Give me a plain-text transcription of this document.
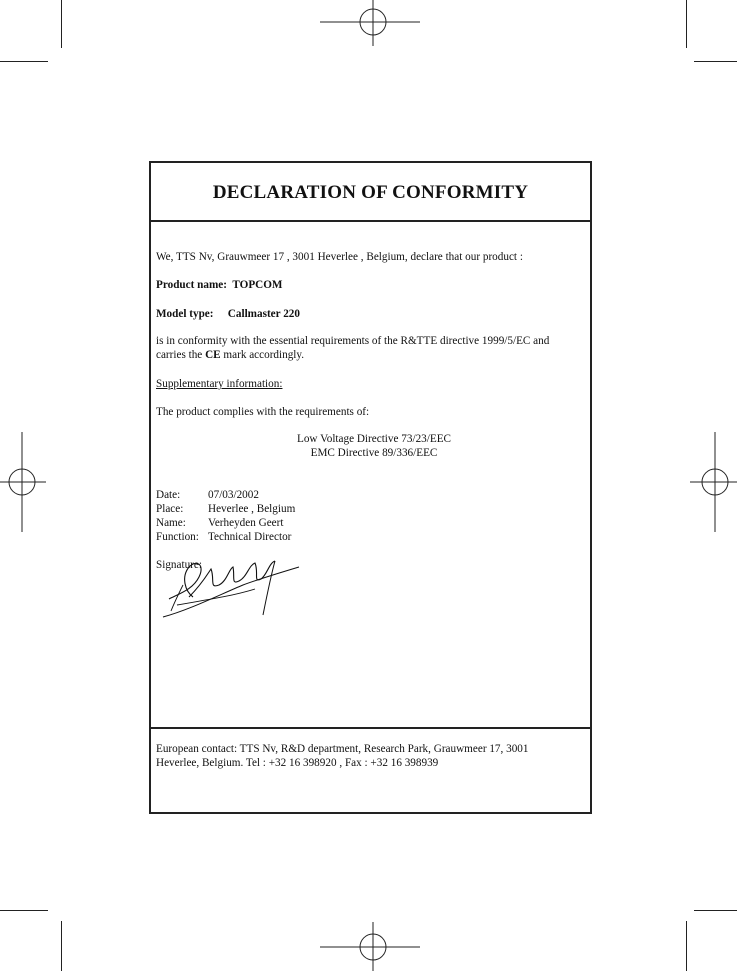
DECLARATION OF CONFORMITY
We, TTS Nv, Grauwmeer 17 , 3001 Heverlee , Belgium, declare that our product :
Product name: TOPCOM
Model type: Callmaster 220
is in conformity with the essential requirements of the R&TTE directive 1999/5/EC and
carries the CE mark accordingly.
Supplementary information:
The product complies with the requirements of:
Low Voltage Directive 73/23/EEC
EMC Directive 89/336/EEC
Date: 07/03/2002
Place: Heverlee , Belgium
Name: Verheyden Geert
Function: Technical Director
Signature:
European contact: TTS Nv, R&D department, Research Park, Grauwmeer 17, 3001
Heverlee, Belgium. Tel : +32 16 398920 , Fax : +32 16 398939
